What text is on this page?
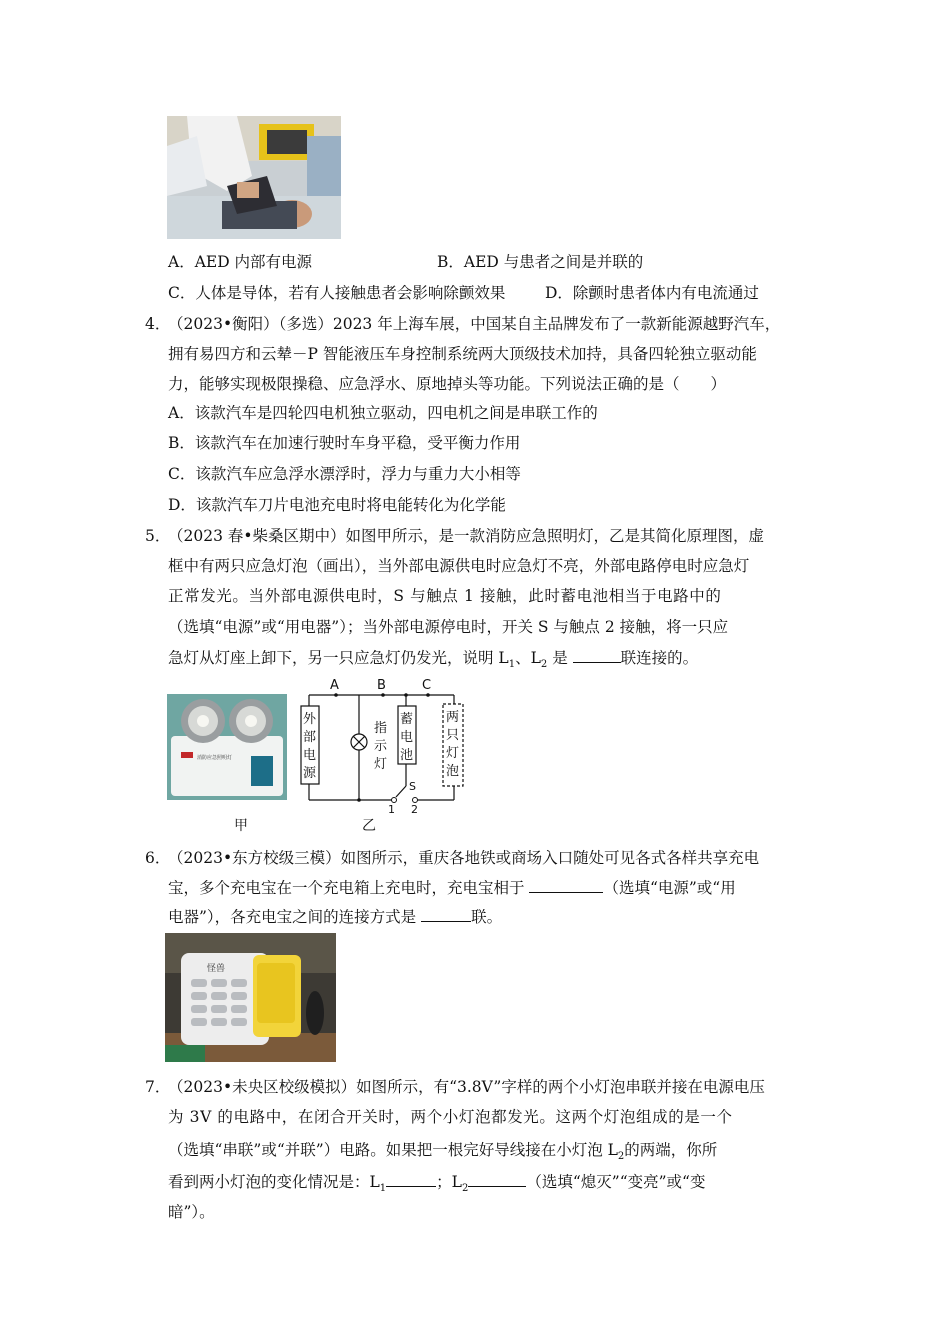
A．AED 内部有电源	B．AED 与患者之间是并联的
C．人体是导体，若有人接触患者会影响除颤效果	D．除颤时患者体内有电流通过
4．
（2023•衡阳）（多选）2023 年上海车展，中国某自主品牌发布了一款新能源越野汽车，
拥有易四方和云辇－P 智能液压车身控制系统两大顶级技术加持，具备四轮独立驱动能
力，能够实现极限操稳、应急浮水、原地掉头等功能。下列说法正确的是（　　）
A．该款汽车是四轮四电机独立驱动，四电机之间是串联工作的
B．该款汽车在加速行驶时车身平稳，受平衡力作用
C．该款汽车应急浮水漂浮时，浮力与重力大小相等
D．该款汽车刀片电池充电时将电能转化为化学能
5．
（2023 春•柴桑区期中）如图甲所示，是一款消防应急照明灯，乙是其简化原理图，虚
框中有两只应急灯泡（画出），当外部电源供电时应急灯不亮，外部电路停电时应急灯
正常发光。当外部电源供电时，S 与触点 1 接触，此时蓄电池相当于电路中的
（选填“电源”或“用电器”）；当外部电源停电时，开关 S 与触点 2 接触，将一只应
急灯从灯座上卸下，另一只应急灯仍发光，说明 $L_1$、$L_2$ 是	联连接的。
消防应急照明灯
甲
A	B	C
外
部
电
源
指
示
灯
蓄
电
池
S
1 2
两
只
灯
泡
乙
6．
（2023•东方校级三模）如图所示，重庆各地铁或商场入口随处可见各式各样共享充电
宝，多个充电宝在一个充电箱上充电时，充电宝相于	（选填“电源”或“用
电器”），各充电宝之间的连接方式是	联。
怪兽
7．
（2023•未央区校级模拟）如图所示，有“3.8V”字样的两个小灯泡串联并接在电源电压
为 3V 的电路中，在闭合开关时，两个小灯泡都发光。这两个灯泡组成的是一个
（选填“串联”或“并联”）电路。如果把一根完好导线接在小灯泡 $L_2$的两端，你所
看到两小灯泡的变化情况是：$L_1$	；$L_2$	（选填“熄灭”“变亮”或“变
暗”）。
